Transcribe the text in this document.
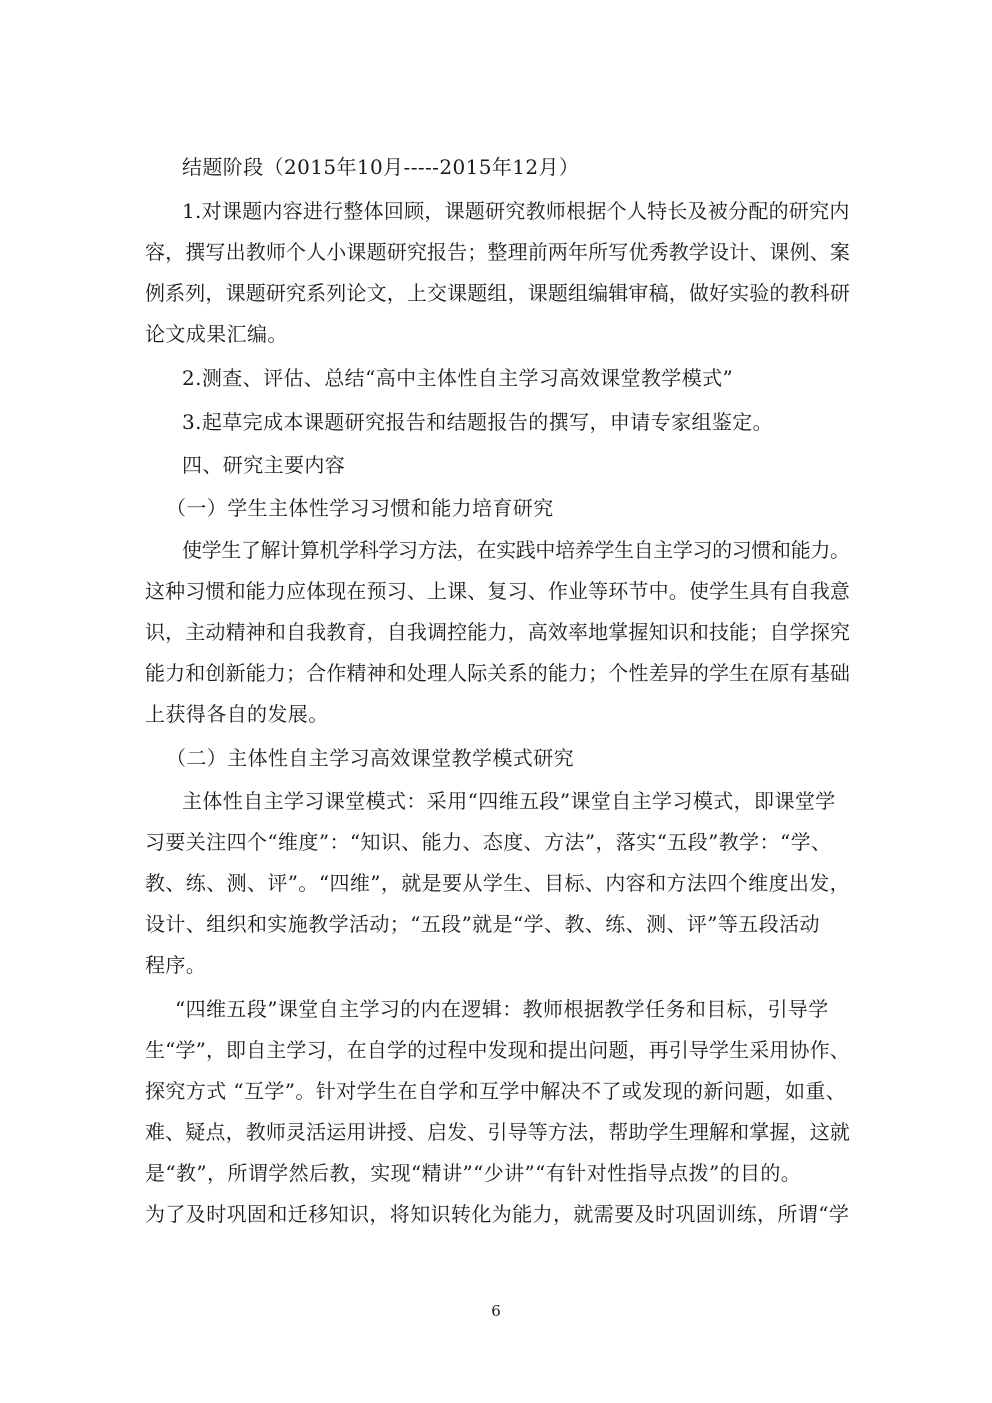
结题阶段（2015年10月-----2015年12月）
1.对课题内容进行整体回顾，课题研究教师根据个人特长及被分配的研究内
容，撰写出教师个人小课题研究报告；整理前两年所写优秀教学设计、课例、案
例系列，课题研究系列论文，上交课题组，课题组编辑审稿，做好实验的教科研
论文成果汇编。
2.测查、评估、总结“高中主体性自主学习高效课堂教学模式”
3.起草完成本课题研究报告和结题报告的撰写，申请专家组鉴定。
四、研究主要内容
（一）学生主体性学习习惯和能力培育研究
使学生了解计算机学科学习方法，在实践中培养学生自主学习的习惯和能力。
这种习惯和能力应体现在预习、上课、复习、作业等环节中。使学生具有自我意
识，主动精神和自我教育，自我调控能力，高效率地掌握知识和技能；自学探究
能力和创新能力；合作精神和处理人际关系的能力；个性差异的学生在原有基础
上获得各自的发展。
（二）主体性自主学习高效课堂教学模式研究
主体性自主学习课堂模式：采用“四维五段”课堂自主学习模式，即课堂学
习要关注四个“维度”：“知识、能力、态度、方法”，落实“五段”教学：“学、
教、练、测、评”。“四维”，就是要从学生、目标、内容和方法四个维度出发，
设计、组织和实施教学活动；“五段”就是“学、教、练、测、评”等五段活动
程序。
“四维五段”课堂自主学习的内在逻辑：教师根据教学任务和目标，引导学
生“学”，即自主学习，在自学的过程中发现和提出问题，再引导学生采用协作、
探究方式 “互学”。针对学生在自学和互学中解决不了或发现的新问题，如重、
难、疑点，教师灵活运用讲授、启发、引导等方法，帮助学生理解和掌握，这就
是“教”，所谓学然后教，实现“精讲”“少讲”“有针对性指导点拨”的目的。
为了及时巩固和迁移知识，将知识转化为能力，就需要及时巩固训练，所谓“学
6
